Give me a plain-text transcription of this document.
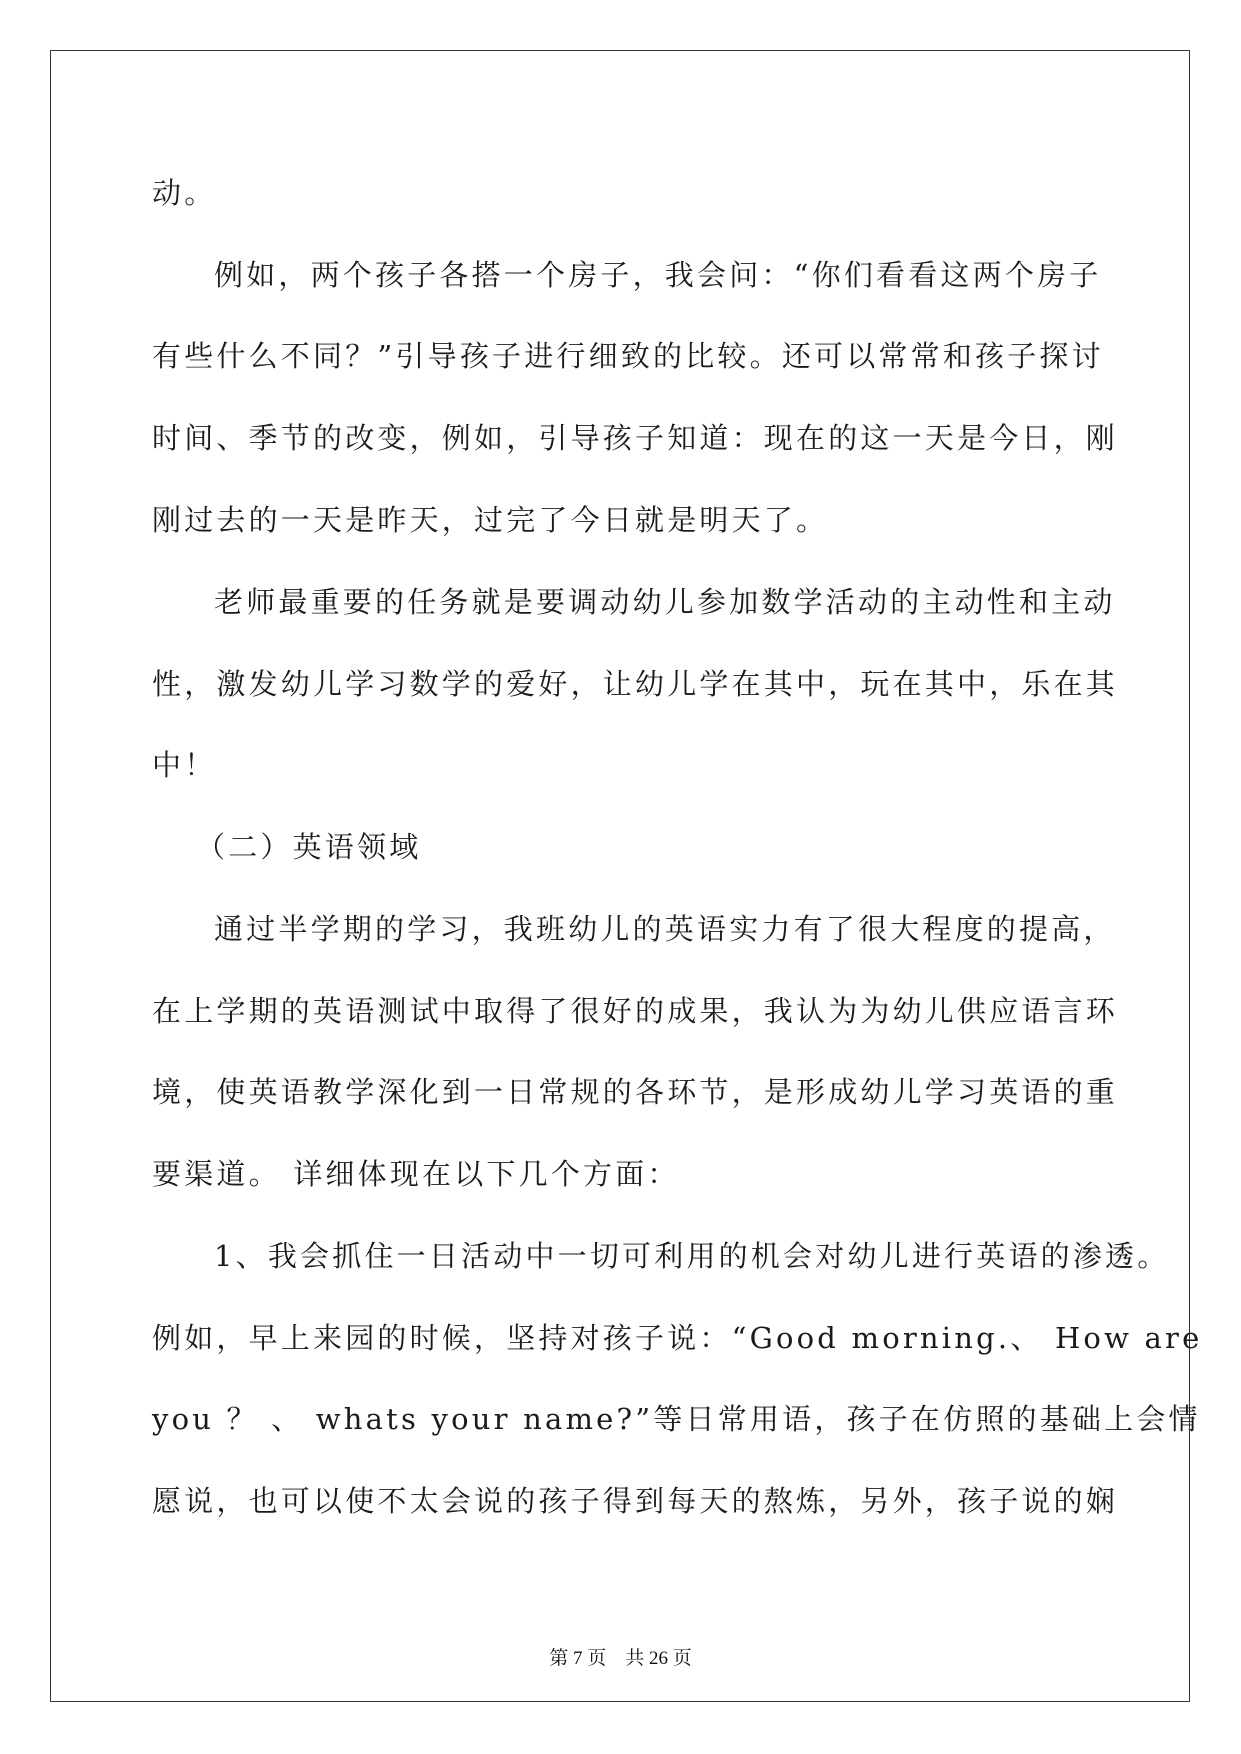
动。
例如，两个孩子各搭一个房子，我会问：“你们看看这两个房子
有些什么不同？”引导孩子进行细致的比较。还可以常常和孩子探讨
时间、季节的改变，例如，引导孩子知道：现在的这一天是今日，刚
刚过去的一天是昨天，过完了今日就是明天了。
老师最重要的任务就是要调动幼儿参加数学活动的主动性和主动
性，激发幼儿学习数学的爱好，让幼儿学在其中，玩在其中，乐在其
中！
（二）英语领域
通过半学期的学习，我班幼儿的英语实力有了很大程度的提高，
在上学期的英语测试中取得了很好的成果，我认为为幼儿供应语言环
境，使英语教学深化到一日常规的各环节，是形成幼儿学习英语的重
要渠道。 详细体现在以下几个方面：
1、我会抓住一日活动中一切可利用的机会对幼儿进行英语的渗透。
例如，早上来园的时候，坚持对孩子说：“Good morning.、 How are
you ？ 、 whats your name?”等日常用语，孩子在仿照的基础上会情
愿说，也可以使不太会说的孩子得到每天的熬炼，另外，孩子说的娴
第 7 页    共 26 页
